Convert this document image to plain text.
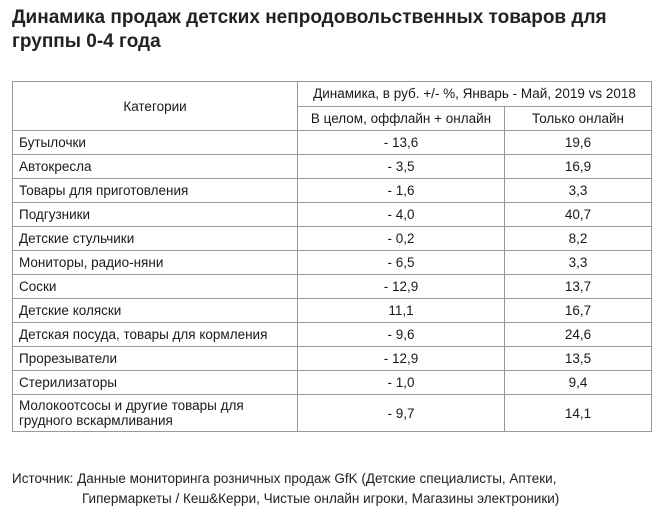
Динамика продаж детских непродовольственных товаров для группы 0-4 года
Категории	Динамика, в руб. +/- %, Январь - Май, 2019 vs 2018	
	В целом, оффлайн + онлайн	Только онлайн
Бутылочки	- 13,6	19,6
Автокресла	- 3,5	16,9
Товары для приготовления	- 1,6	3,3
Подгузники	- 4,0	40,7
Детские стульчики	- 0,2	8,2
Мониторы, радио-няни	- 6,5	3,3
Соски	- 12,9	13,7
Детские коляски	11,1	16,7
Детская посуда, товары для кормления	- 9,6	24,6
Прорезыватели	- 12,9	13,5
Стерилизаторы	- 1,0	9,4
Молокоотсосы и другие товары для грудного вскармливания	- 9,7	14,1
Источник: Данные мониторинга розничных продаж GfK (Детские специалисты, Аптеки,
Гипермаркеты / Кеш&Керри, Чистые онлайн игроки, Магазины электроники)
